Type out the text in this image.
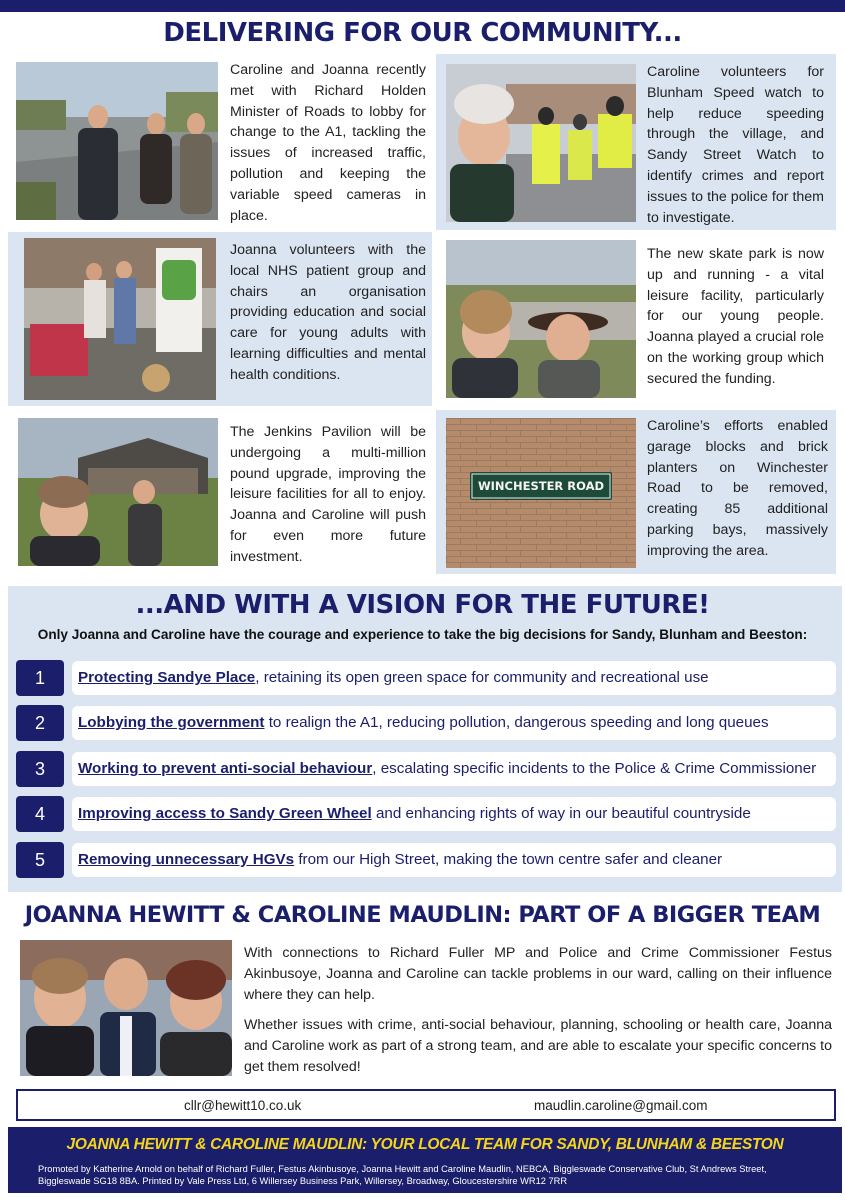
DELIVERING FOR OUR COMMUNITY...
Caroline and Joanna recently met with Richard Holden Minister of Roads to lobby for change to the A1, tackling the issues of increased traffic, pollution and keeping the variable speed cameras in place.
Caroline volunteers for Blunham Speed watch to help reduce speeding through the village, and Sandy Street Watch to identify crimes and report issues to the police for them to investigate.
Joanna volunteers with the local NHS patient group and chairs an organisation providing education and social care for young adults with learning difficulties and mental health conditions.
The new skate park is now up and running - a vital leisure facility, particularly for our young people. Joanna played a crucial role on the working group which secured the funding.
The Jenkins Pavilion will be undergoing a multi-million pound upgrade, improving the leisure facilities for all to enjoy. Joanna and Caroline will push for even more future investment.
WINCHESTER ROAD
Caroline’s efforts enabled garage blocks and brick planters on Winchester Road to be removed, creating 85 additional parking bays, massively improving the area.
...AND WITH A VISION FOR THE FUTURE!
Only Joanna and Caroline have the courage and experience to take the big decisions for Sandy, Blunham and Beeston:
1	Protecting Sandye Place, retaining its open green space for community and recreational use
2	Lobbying the government to realign the A1, reducing pollution, dangerous speeding and long queues
3	Working to prevent anti-social behaviour, escalating specific incidents to the Police & Crime Commissioner
4	Improving access to Sandy Green Wheel and enhancing rights of way in our beautiful countryside
5	Removing unnecessary HGVs from our High Street, making the town centre safer and cleaner
JOANNA HEWITT & CAROLINE MAUDLIN: PART OF A BIGGER TEAM
With connections to Richard Fuller MP and Police and Crime Commissioner Festus Akinbusoye, Joanna and Caroline can tackle problems in our ward, calling on their influence where they can help.
Whether issues with crime, anti-social behaviour, planning, schooling or health care, Joanna and Caroline work as part of a strong team, and are able to escalate your specific concerns to get them resolved!
cllr@hewitt10.co.uk	maudlin.caroline@gmail.com
JOANNA HEWITT & CAROLINE MAUDLIN: YOUR LOCAL TEAM FOR SANDY, BLUNHAM & BEESTON
Promoted by Katherine Arnold on behalf of Richard Fuller, Festus Akinbusoye, Joanna Hewitt and Caroline Maudlin, NEBCA, Biggleswade Conservative Club, St Andrews Street, Biggleswade SG18 8BA. Printed by Vale Press Ltd, 6 Willersey Business Park, Willersey, Broadway, Gloucestershire WR12 7RR
